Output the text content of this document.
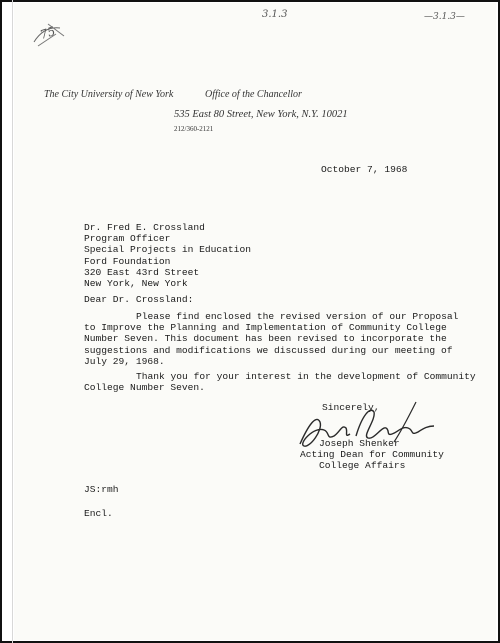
75
3.1.3	—3.1.3—
The City University of New York	Office of the Chancellor
535 East 80 Street, New York, N.Y. 10021
212/360-2121
October 7, 1968
Dr. Fred E. Crossland
Program Officer
Special Projects in Education
Ford Foundation
320 East 43rd Street
New York, New York
Dear Dr. Crossland:
Please find enclosed the revised version of our Proposal
to Improve the Planning and Implementation of Community College
Number Seven. This document has been revised to incorporate the
suggestions and modifications we discussed during our meeting of
July 29, 1968.
Thank you for your interest in the development of Community
College Number Seven.
Sincerely,
Joseph Shenker
Acting Dean for Community
College Affairs
JS:rmh
Encl.
